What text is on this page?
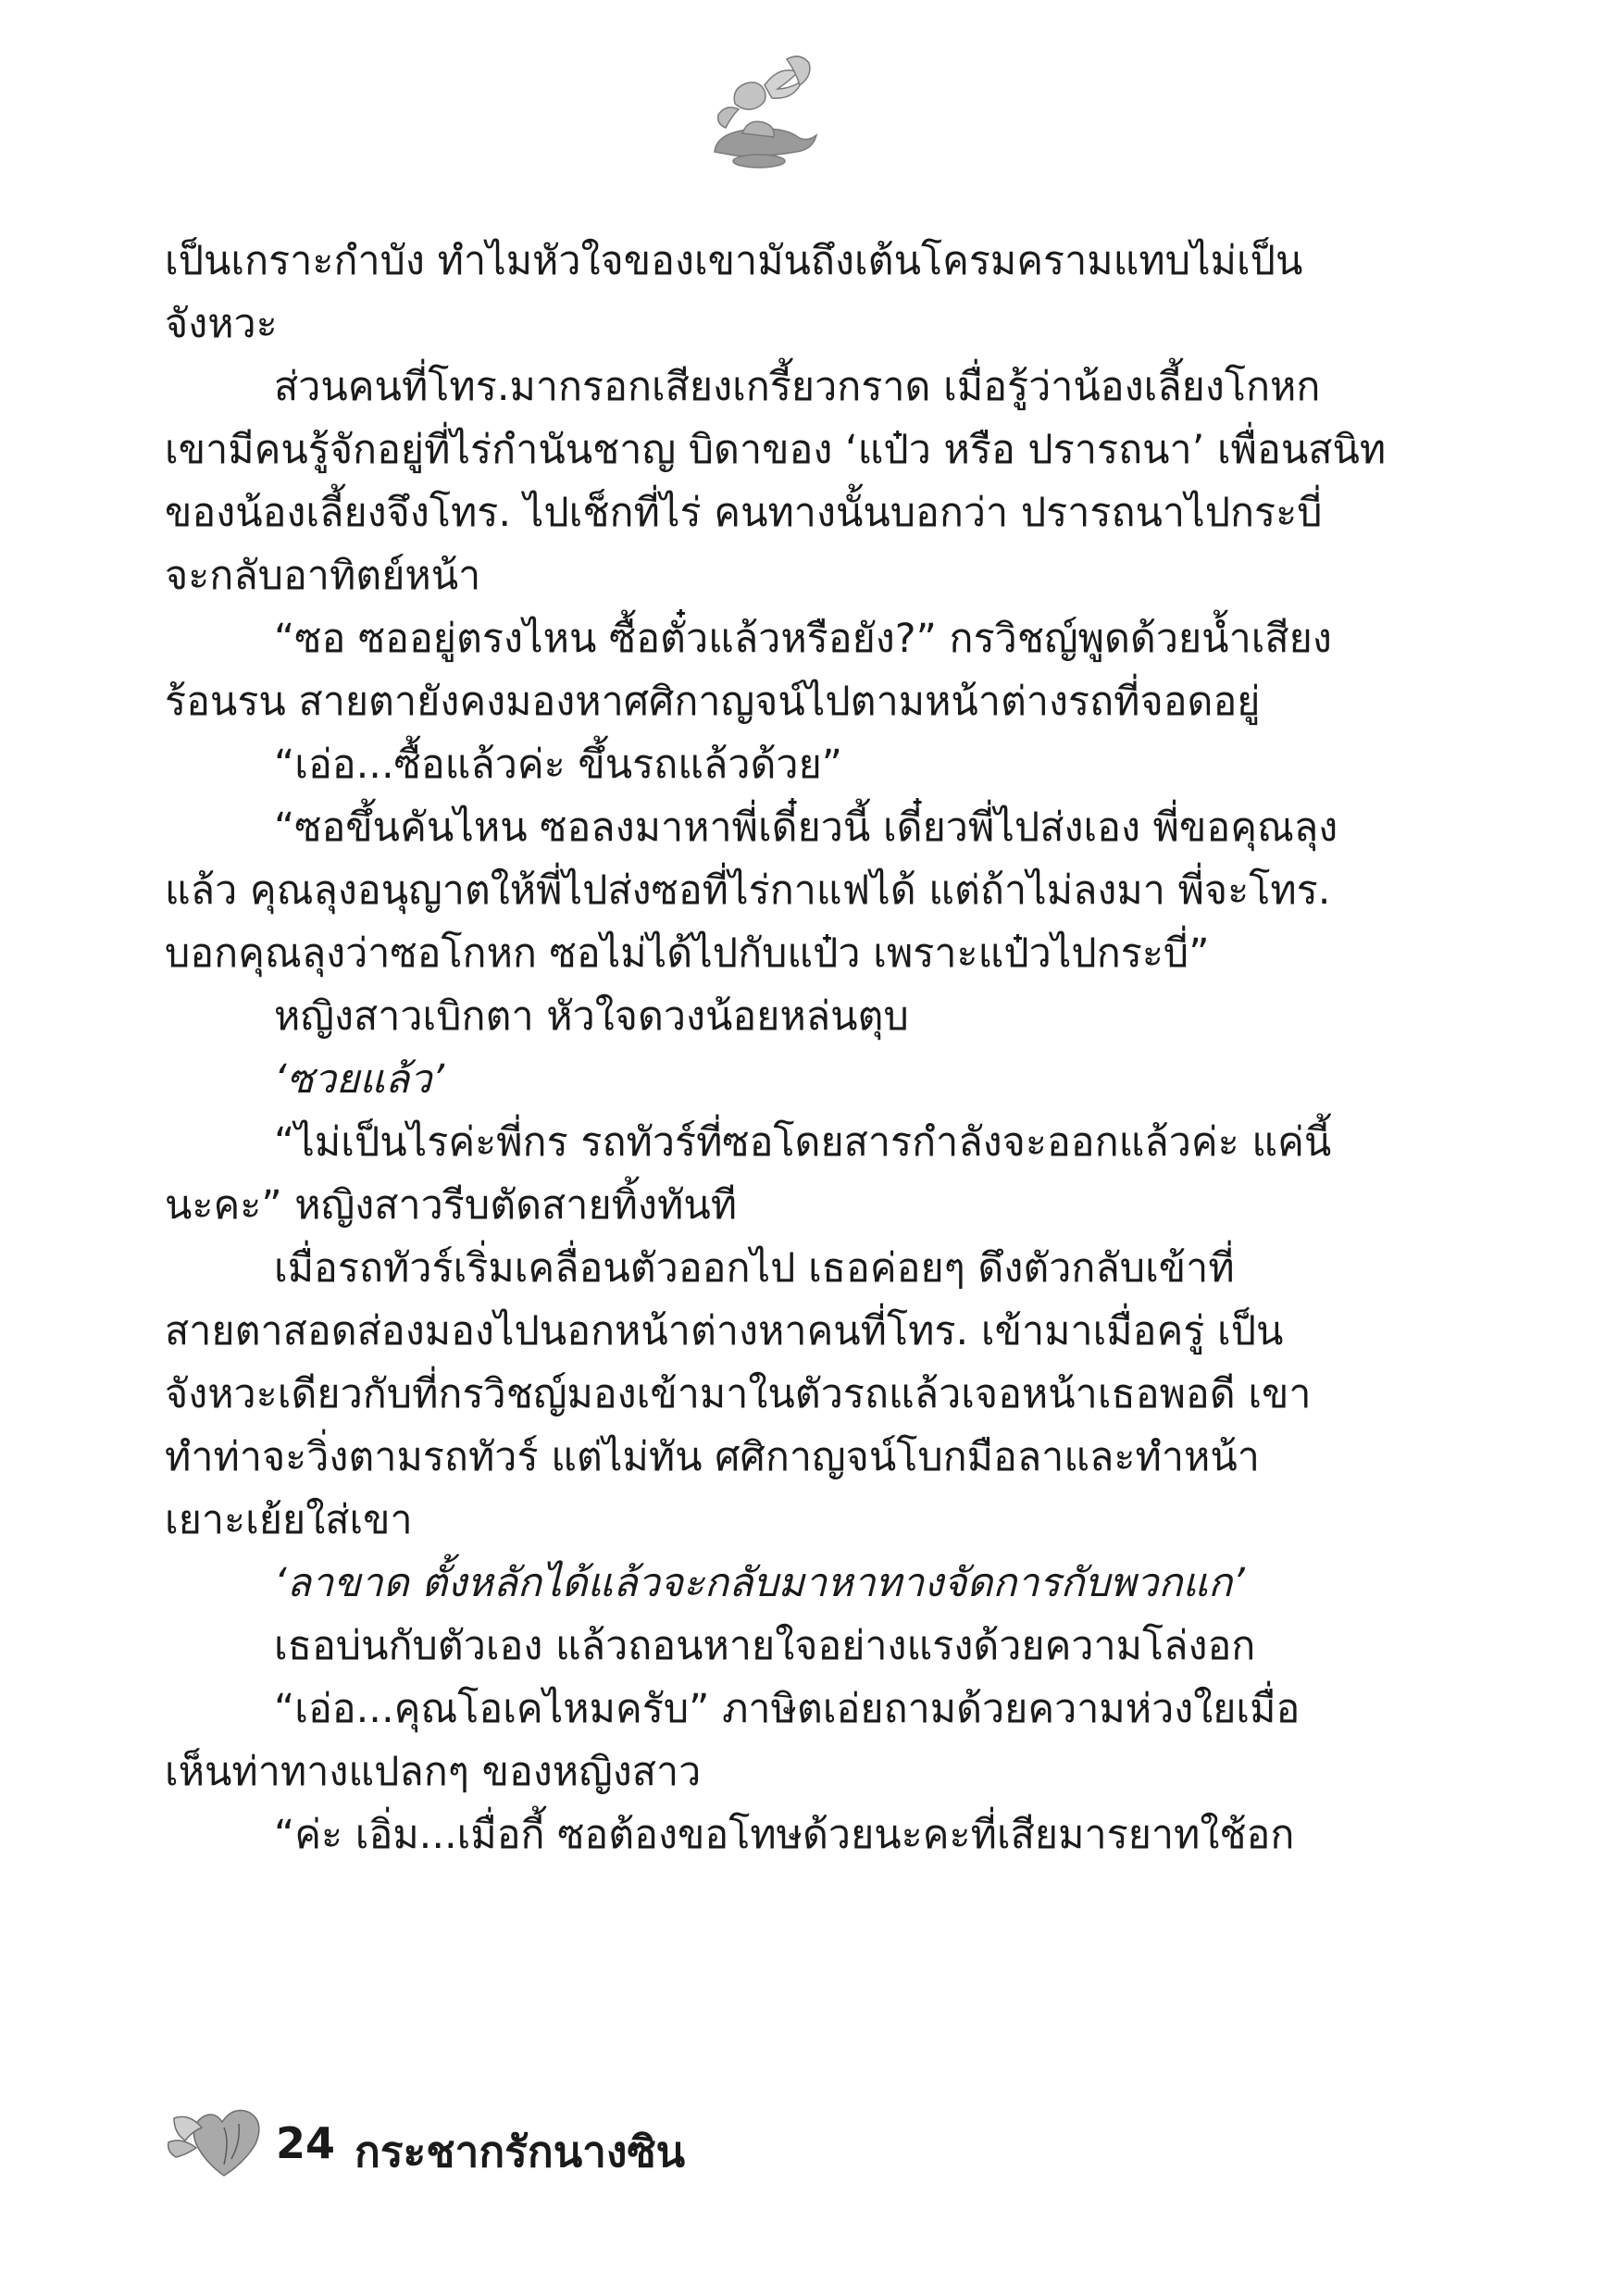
เป็นเกราะกำบัง ทำไมหัวใจของเขามันถึงเต้นโครมครามแทบไม่เป็น
จังหวะ
ส่วนคนที่โทร.มากรอกเสียงเกรี้ยวกราด เมื่อรู้ว่าน้องเลี้ยงโกหก
เขามีคนรู้จักอยู่ที่ไร่กำนันชาญ บิดาของ ‘แป๋ว หรือ ปรารถนา’ เพื่อนสนิท
ของน้องเลี้ยงจึงโทร. ไปเช็กที่ไร่ คนทางนั้นบอกว่า ปรารถนาไปกระบี่
จะกลับอาทิตย์หน้า
“ซอ ซออยู่ตรงไหน ซื้อตั๋วแล้วหรือยัง?” กรวิชญ์พูดด้วยน้ำเสียง
ร้อนรน สายตายังคงมองหาศศิกาญจน์ไปตามหน้าต่างรถที่จอดอยู่
“เอ่อ...ซื้อแล้วค่ะ ขึ้นรถแล้วด้วย”
“ซอขึ้นคันไหน ซอลงมาหาพี่เดี๋ยวนี้ เดี๋ยวพี่ไปส่งเอง พี่ขอคุณลุง
แล้ว คุณลุงอนุญาตให้พี่ไปส่งซอที่ไร่กาแฟได้ แต่ถ้าไม่ลงมา พี่จะโทร.
บอกคุณลุงว่าซอโกหก ซอไม่ได้ไปกับแป๋ว เพราะแป๋วไปกระบี่”
หญิงสาวเบิกตา หัวใจดวงน้อยหล่นตุบ
‘ซวยแล้ว’
“ไม่เป็นไรค่ะพี่กร รถทัวร์ที่ซอโดยสารกำลังจะออกแล้วค่ะ แค่นี้
นะคะ” หญิงสาวรีบตัดสายทิ้งทันที
เมื่อรถทัวร์เริ่มเคลื่อนตัวออกไป เธอค่อยๆ ดึงตัวกลับเข้าที่
สายตาสอดส่องมองไปนอกหน้าต่างหาคนที่โทร. เข้ามาเมื่อครู่ เป็น
จังหวะเดียวกับที่กรวิชญ์มองเข้ามาในตัวรถแล้วเจอหน้าเธอพอดี เขา
ทำท่าจะวิ่งตามรถทัวร์ แต่ไม่ทัน ศศิกาญจน์โบกมือลาและทำหน้า
เยาะเย้ยใส่เขา
‘ลาขาด ตั้งหลักได้แล้วจะกลับมาหาทางจัดการกับพวกแก’
เธอบ่นกับตัวเอง แล้วถอนหายใจอย่างแรงด้วยความโล่งอก
“เอ่อ...คุณโอเคไหมครับ” ภาษิตเอ่ยถามด้วยความห่วงใยเมื่อ
เห็นท่าทางแปลกๆ ของหญิงสาว
“ค่ะ เอิ่ม...เมื่อกี้ ซอต้องขอโทษด้วยนะคะที่เสียมารยาทใช้อก
24 กระชากรักนางซิน
